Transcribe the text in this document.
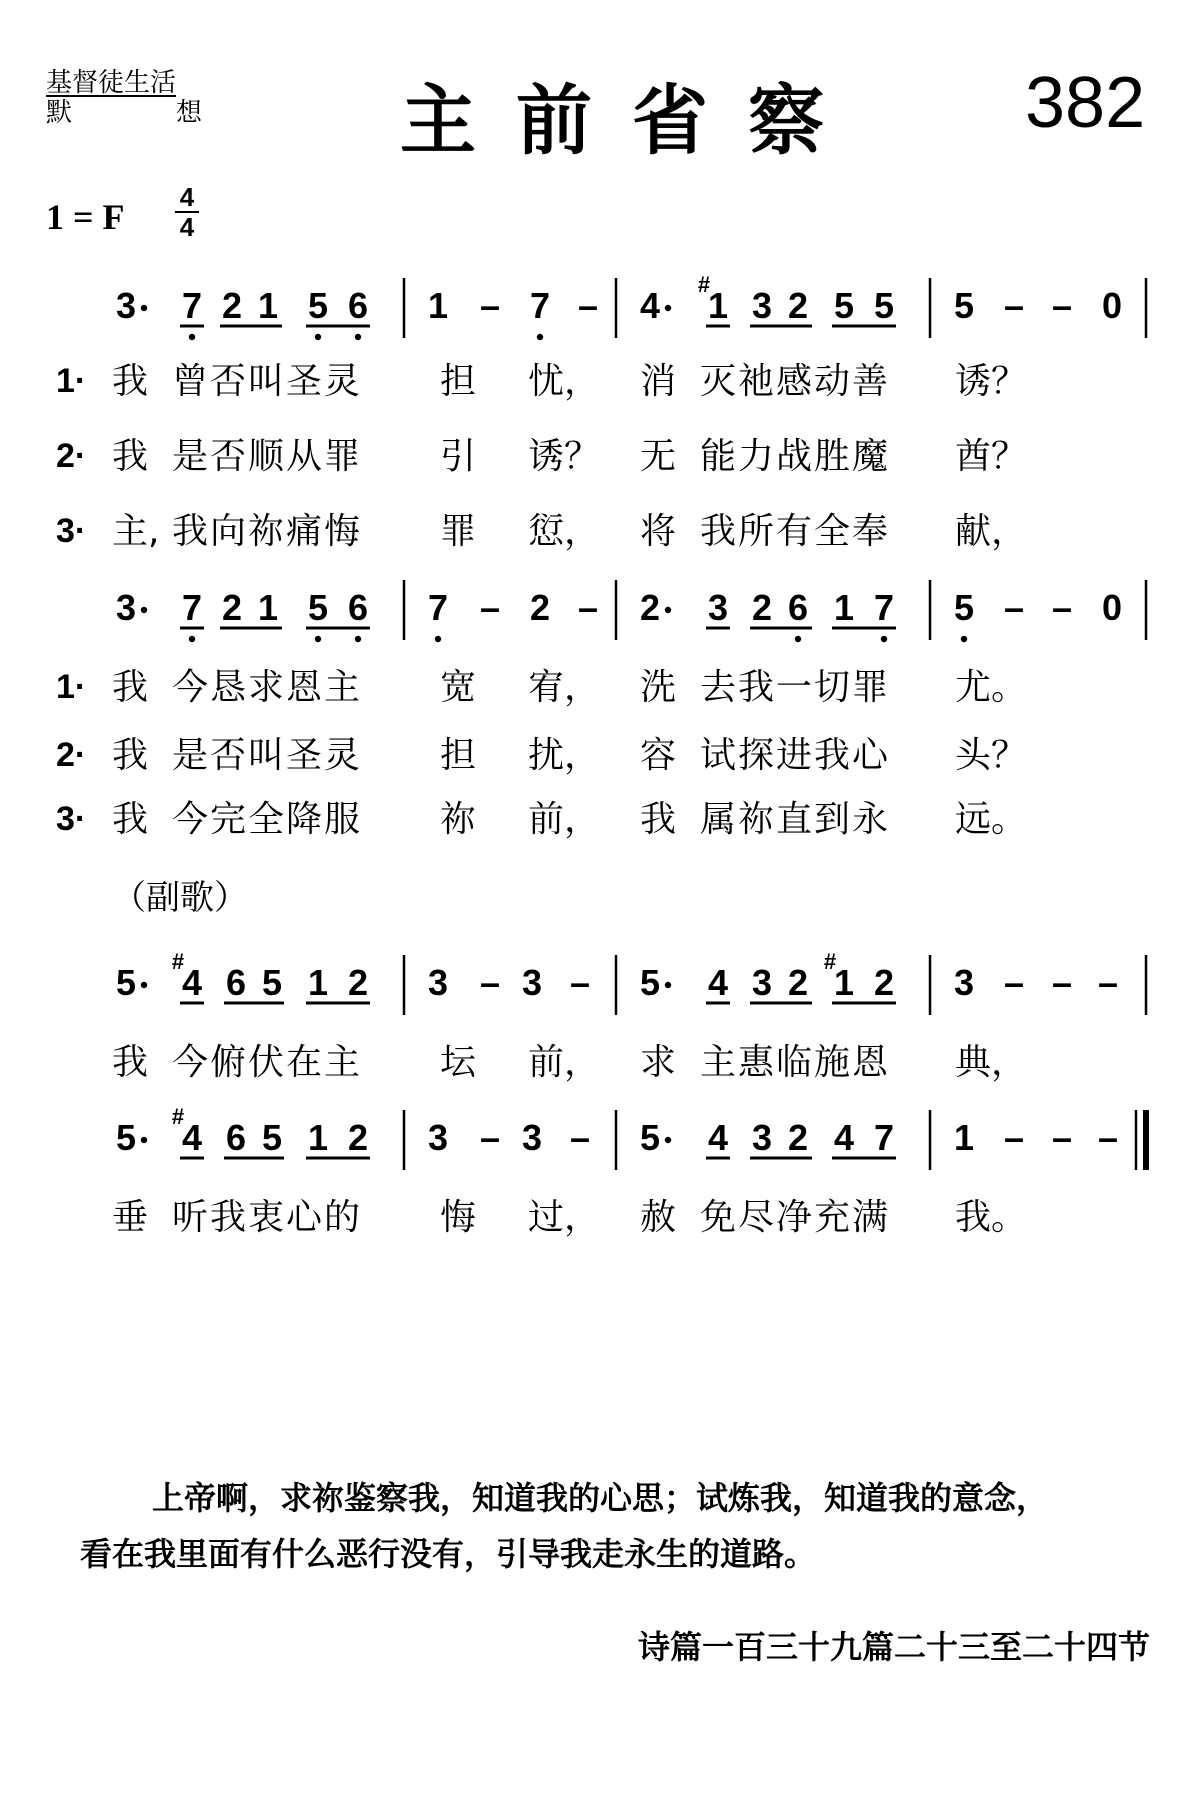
基督徒生活
默	想	主前省察 382
1 = F 4
4
3 7 2 1 5 6 1 – 7 – 4 1
#
3 2 5 5 5 – – 0
3 7 2 1 5 6 7 – 2 – 2 3 2 6 1 7 5 – – 0
5 4
#
6 5 1 2 3 – 3 – 5 4 3 2 1
#
2 3 – – –
5 4
#
6 5 1 2 3 – 3 – 5 4 3 2 4 7 1 – – –
1·
2·
3·
1·
2·
3·
（副歌）

上帝啊，求祢鉴察我，知道我的心思；试炼我，知道我的意念，

看在我里面有什么恶行没有，引导我走永生的道路。

诗篇一百三十九篇二十三至二十四节
我 曾否叫圣灵 担 忧， 消 灭祂感动善 诱？
我 是否顺从罪 引 诱？ 无 能力战胜魔 酋？
主, 我向祢痛悔 罪 愆， 将 我所有全奉 献，
我 今恳求恩主 宽 宥， 洗 去我一切罪 尤。
我 是否叫圣灵 担 扰， 容 试探进我心 头？
我 今完全降服 祢 前， 我 属祢直到永 远。
我 今俯伏在主 坛 前， 求 主惠临施恩 典，
垂 听我衷心的 悔 过， 赦 免尽净充满 我。
